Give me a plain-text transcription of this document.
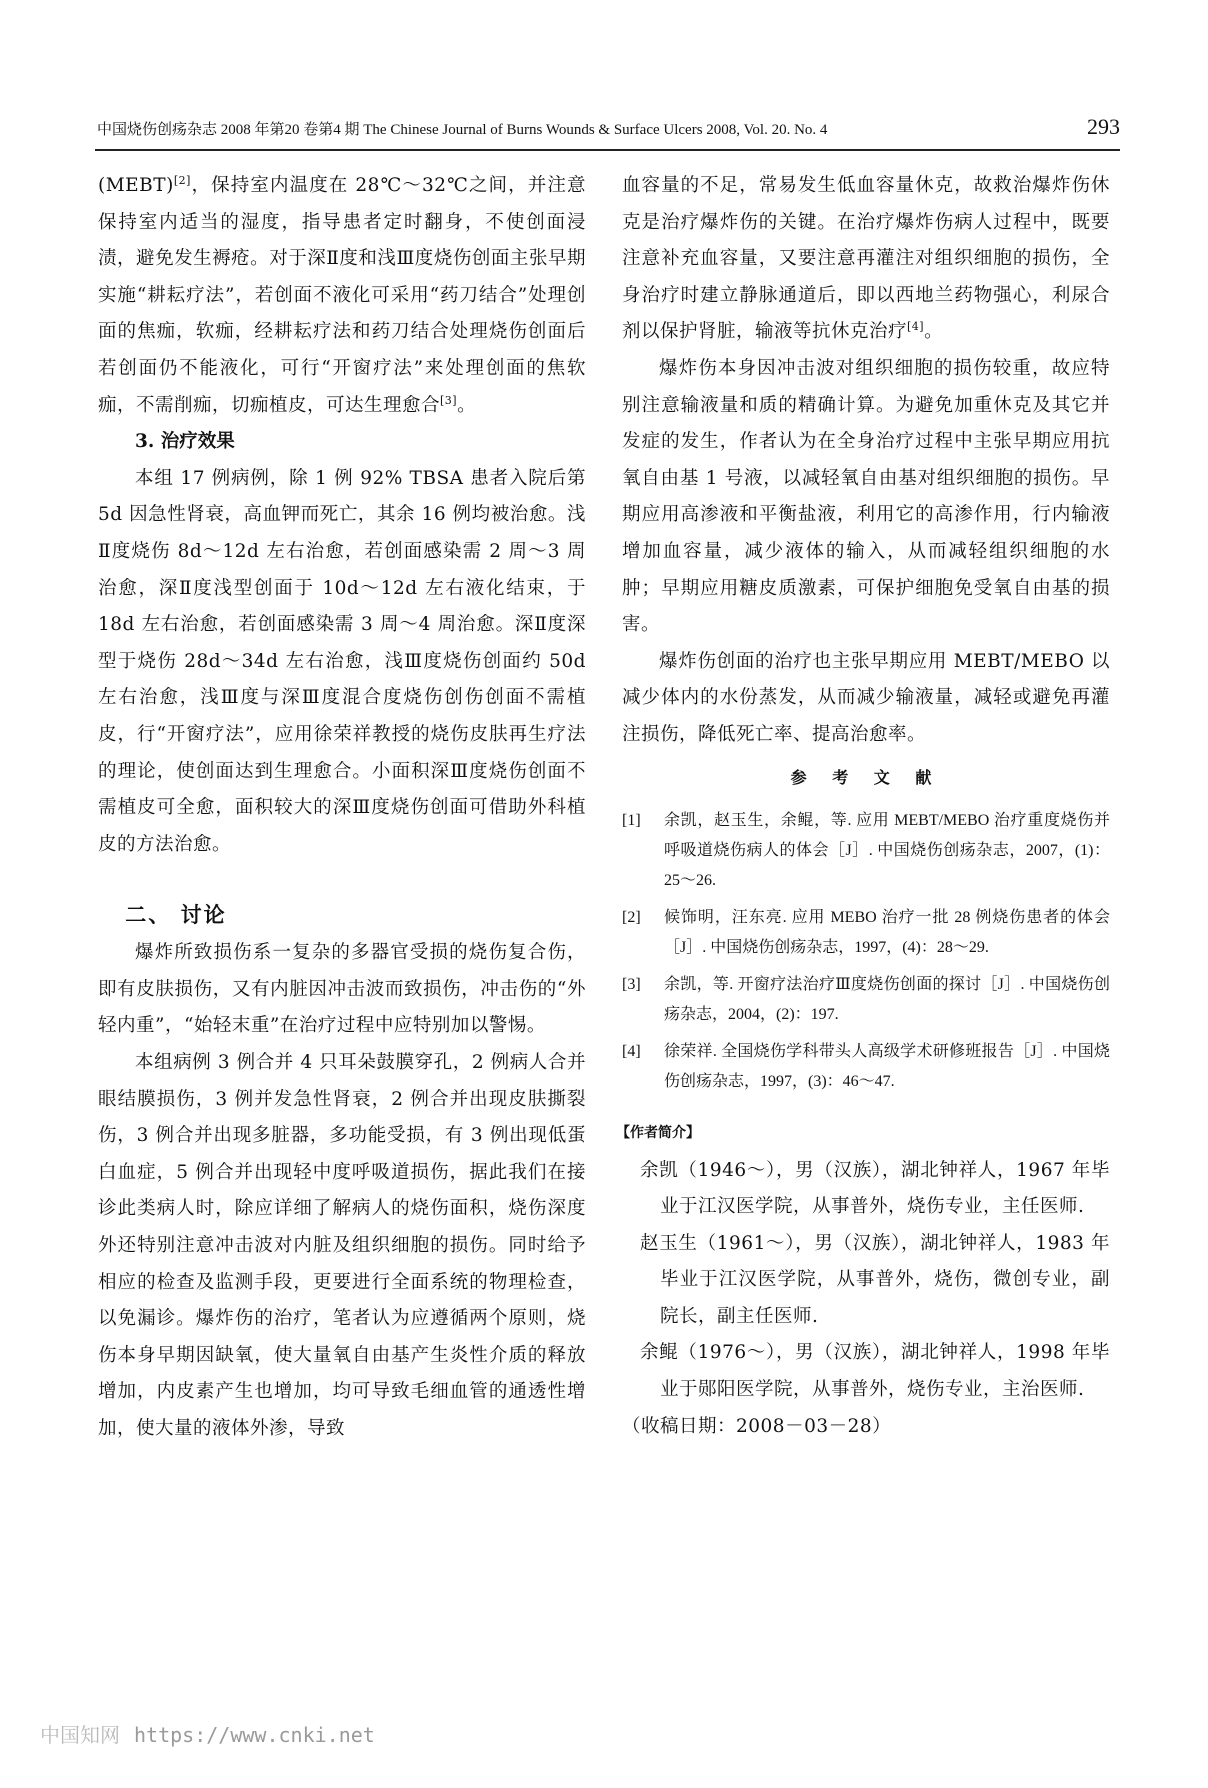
中国烧伤创疡杂志 2008 年第20 卷第4 期 The Chinese Journal of Burns Wounds & Surface Ulcers 2008, Vol. 20. No. 4	293

(MEBT)[2]，保持室内温度在 28℃～32℃之间，并注意保持室内适当的湿度，指导患者定时翻身，不使创面浸渍，避免发生褥疮。对于深Ⅱ度和浅Ⅲ度烧伤创面主张早期实施“耕耘疗法”，若创面不液化可采用“药刀结合”处理创面的焦痂，软痂，经耕耘疗法和药刀结合处理烧伤创面后若创面仍不能液化，可行“开窗疗法”来处理创面的焦软痂，不需削痂，切痂植皮，可达生理愈合[3]。

3. 治疗效果

本组 17 例病例，除 1 例 92% TBSA 患者入院后第 5d 因急性肾衰，高血钾而死亡，其余 16 例均被治愈。浅Ⅱ度烧伤 8d～12d 左右治愈，若创面感染需 2 周～3 周治愈，深Ⅱ度浅型创面于 10d～12d 左右液化结束，于 18d 左右治愈，若创面感染需 3 周～4 周治愈。深Ⅱ度深型于烧伤 28d～34d 左右治愈，浅Ⅲ度烧伤创面约 50d 左右治愈，浅Ⅲ度与深Ⅲ度混合度烧伤创伤创面不需植皮，行“开窗疗法”，应用徐荣祥教授的烧伤皮肤再生疗法的理论，使创面达到生理愈合。小面积深Ⅲ度烧伤创面不需植皮可全愈，面积较大的深Ⅲ度烧伤创面可借助外科植皮的方法治愈。

二、 讨论

爆炸所致损伤系一复杂的多器官受损的烧伤复合伤，即有皮肤损伤，又有内脏因冲击波而致损伤，冲击伤的“外轻内重”，“始轻末重”在治疗过程中应特别加以警惕。

本组病例 3 例合并 4 只耳朵鼓膜穿孔，2 例病人合并眼结膜损伤，3 例并发急性肾衰，2 例合并出现皮肤撕裂伤，3 例合并出现多脏器，多功能受损，有 3 例出现低蛋白血症，5 例合并出现轻中度呼吸道损伤，据此我们在接诊此类病人时，除应详细了解病人的烧伤面积，烧伤深度外还特别注意冲击波对内脏及组织细胞的损伤。同时给予相应的检查及监测手段，更要进行全面系统的物理检查，以免漏诊。爆炸伤的治疗，笔者认为应遵循两个原则，烧伤本身早期因缺氧，使大量氧自由基产生炎性介质的释放增加，内皮素产生也增加，均可导致毛细血管的通透性增加，使大量的液体外渗，导致

血容量的不足，常易发生低血容量休克，故救治爆炸伤休克是治疗爆炸伤的关键。在治疗爆炸伤病人过程中，既要注意补充血容量，又要注意再灌注对组织细胞的损伤，全身治疗时建立静脉通道后，即以西地兰药物强心，利尿合剂以保护肾脏，输液等抗休克治疗[4]。

爆炸伤本身因冲击波对组织细胞的损伤较重，故应特别注意输液量和质的精确计算。为避免加重休克及其它并发症的发生，作者认为在全身治疗过程中主张早期应用抗氧自由基 1 号液，以减轻氧自由基对组织细胞的损伤。早期应用高渗液和平衡盐液，利用它的高渗作用，行内输液增加血容量，减少液体的输入，从而减轻组织细胞的水肿；早期应用糖皮质激素，可保护细胞免受氧自由基的损害。

爆炸伤创面的治疗也主张早期应用 MEBT/MEBO 以减少体内的水份蒸发，从而减少输液量，减轻或避免再灌注损伤，降低死亡率、提高治愈率。

参 考 文 献
[1] 余凯，赵玉生，余鲲，等. 应用 MEBT/MEBO 治疗重度烧伤并呼吸道烧伤病人的体会［J］. 中国烧伤创疡杂志，2007，(1)：25～26.
[2] 候饰明，汪东亮. 应用 MEBO 治疗一批 28 例烧伤患者的体会［J］. 中国烧伤创疡杂志，1997，(4)：28～29.
[3] 余凯，等. 开窗疗法治疗Ⅲ度烧伤创面的探讨［J］. 中国烧伤创疡杂志，2004，(2)：197.
[4] 徐荣祥. 全国烧伤学科带头人高级学术研修班报告［J］. 中国烧伤创疡杂志，1997，(3)：46～47.
【作者简介】

余凯（1946～），男（汉族），湖北钟祥人，1967 年毕业于江汉医学院，从事普外，烧伤专业，主任医师.

赵玉生（1961～），男（汉族），湖北钟祥人，1983 年毕业于江汉医学院，从事普外，烧伤，微创专业，副院长，副主任医师.

余鲲（1976～），男（汉族），湖北钟祥人，1998 年毕业于郧阳医学院，从事普外，烧伤专业，主治医师.

（收稿日期：2008－03－28）

中国知网 https://www.cnki.net
